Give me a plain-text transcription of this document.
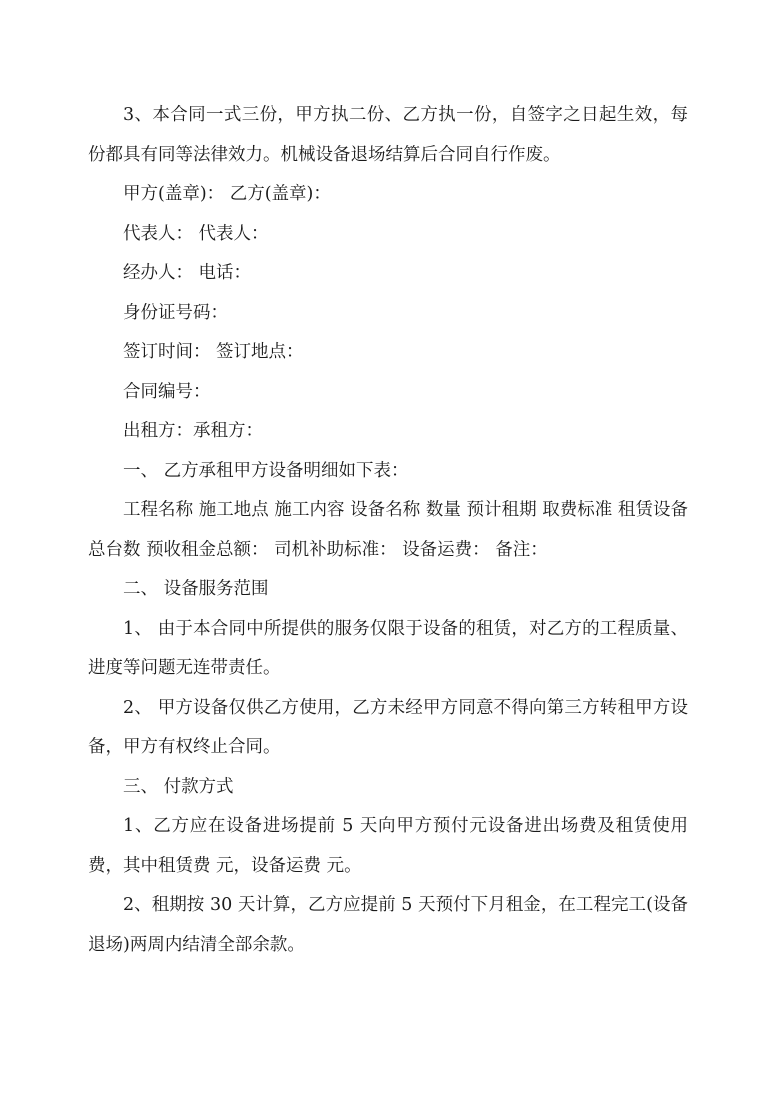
3、本合同一式三份，甲方执二份、乙方执一份，自签字之日起生效，每份都具有同等法律效力。机械设备退场结算后合同自行作废。

甲方(盖章)： 乙方(盖章)：

代表人： 代表人：

经办人： 电话：

身份证号码：

签订时间： 签订地点：

合同编号：

出租方：承租方：

一、 乙方承租甲方设备明细如下表：

工程名称 施工地点 施工内容 设备名称 数量 预计租期 取费标准 租赁设备总台数 预收租金总额： 司机补助标准： 设备运费： 备注：

二、 设备服务范围

1、 由于本合同中所提供的服务仅限于设备的租赁，对乙方的工程质量、进度等问题无连带责任。

2、 甲方设备仅供乙方使用，乙方未经甲方同意不得向第三方转租甲方设备，甲方有权终止合同。

三、 付款方式

1、乙方应在设备进场提前 5 天向甲方预付元设备进出场费及租赁使用费，其中租赁费 元，设备运费 元。

2、租期按 30 天计算，乙方应提前 5 天预付下月租金，在工程完工(设备退场)两周内结清全部余款。
